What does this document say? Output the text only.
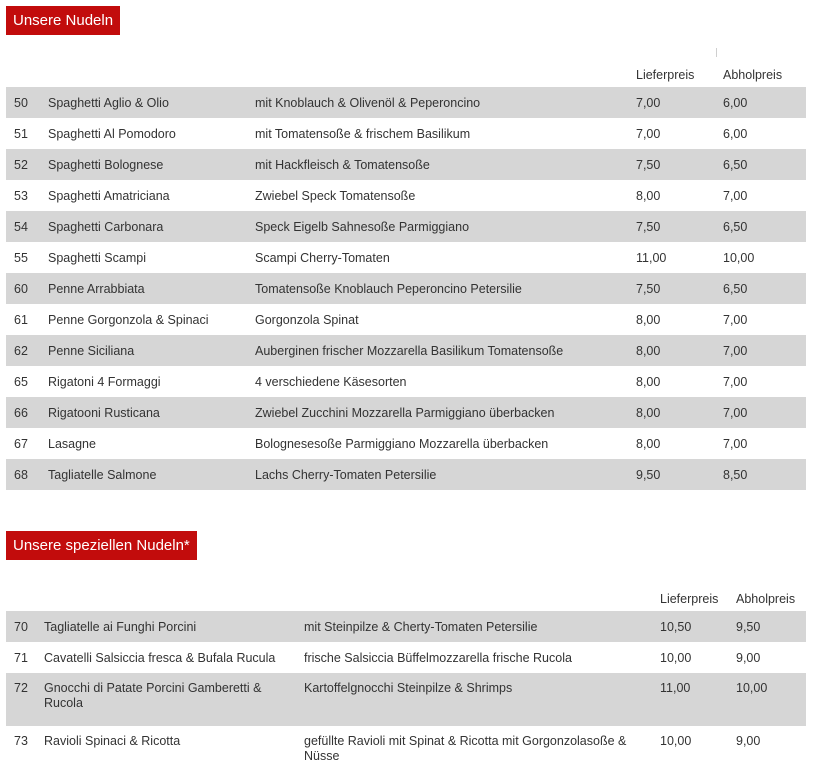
Unsere Nudeln
			Lieferpreis	Abholpreis
50	Spaghetti Aglio & Olio	mit Knoblauch & Olivenöl & Peperoncino	7,00	6,00
51	Spaghetti Al Pomodoro	mit Tomatensoße & frischem Basilikum	7,00	6,00
52	Spaghetti Bolognese	mit Hackfleisch & Tomatensoße	7,50	6,50
53	Spaghetti Amatriciana	Zwiebel Speck Tomatensoße	8,00	7,00
54	Spaghetti Carbonara	Speck Eigelb Sahnesoße Parmiggiano	7,50	6,50
55	Spaghetti Scampi	Scampi Cherry-Tomaten	11,00	10,00
60	Penne Arrabbiata	Tomatensoße Knoblauch Peperoncino Petersilie	7,50	6,50
61	Penne Gorgonzola & Spinaci	Gorgonzola Spinat	8,00	7,00
62	Penne Siciliana	Auberginen frischer Mozzarella Basilikum Tomatensoße	8,00	7,00
65	Rigatoni 4 Formaggi	4 verschiedene Käsesorten	8,00	7,00
66	Rigatooni Rusticana	Zwiebel Zucchini Mozzarella Parmiggiano überbacken	8,00	7,00
67	Lasagne	Bolognesesoße Parmiggiano Mozzarella überbacken	8,00	7,00
68	Tagliatelle Salmone	Lachs Cherry-Tomaten Petersilie	9,50	8,50
Unsere speziellen Nudeln*
			Lieferpreis	Abholpreis
70	Tagliatelle ai Funghi Porcini	mit Steinpilze & Cherty-Tomaten Petersilie	10,50	9,50
71	Cavatelli Salsiccia fresca & Bufala Rucula	frische Salsiccia Büffelmozzarella frische Rucola	10,00	9,00
72	Gnocchi di Patate Porcini Gamberetti & Rucola	Kartoffelgnocchi Steinpilze & Shrimps	11,00	10,00
73	Ravioli Spinaci & Ricotta	gefüllte Ravioli mit Spinat & Ricotta mit Gorgonzolasoße & Nüsse	10,00	9,00
